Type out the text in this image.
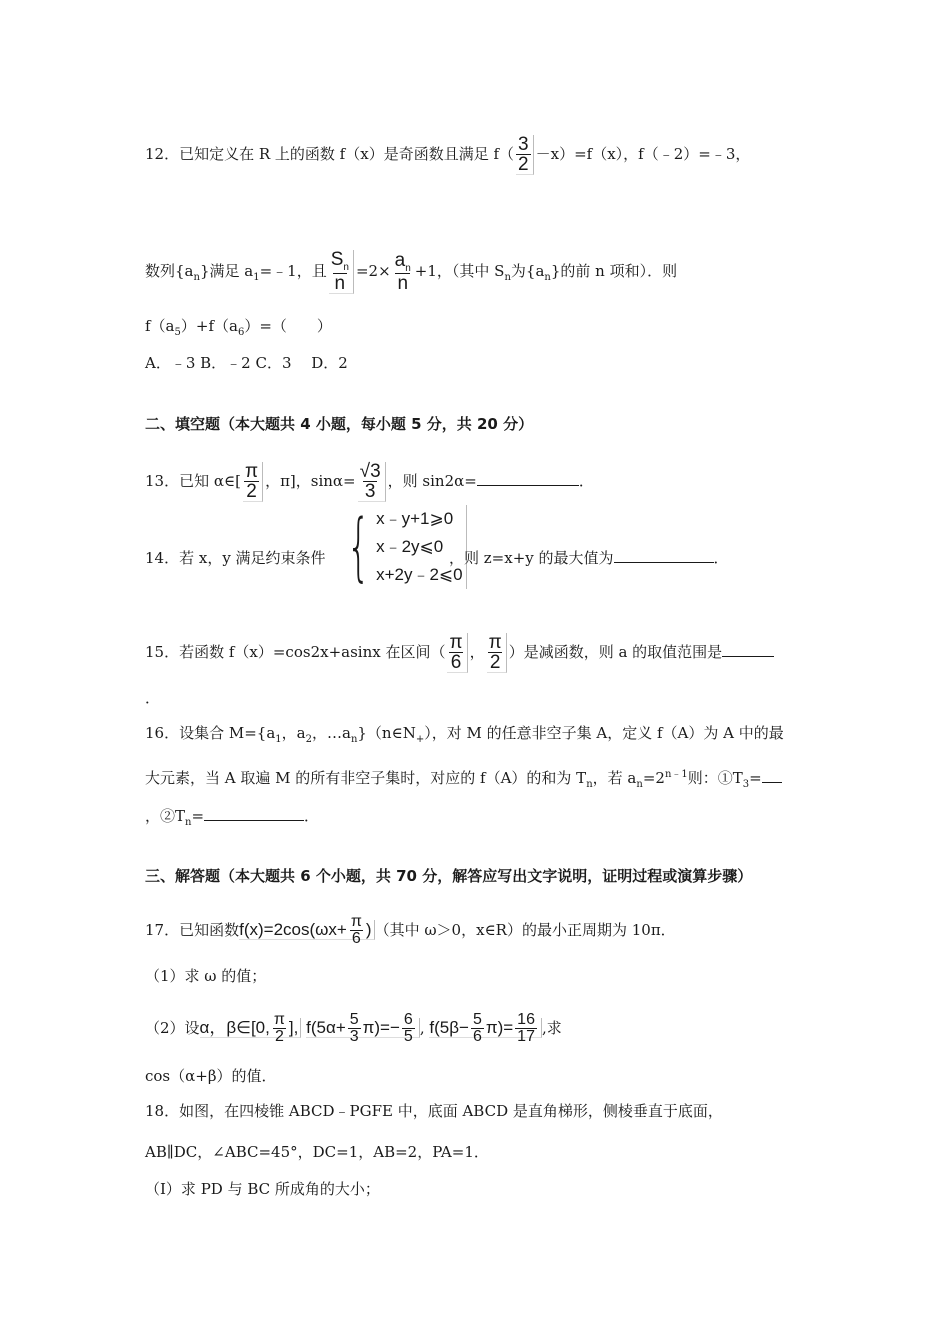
12．已知定义在 R 上的函数 f（x）是奇函数且满足 $f( \frac{3}{2} -x)=f(x)$，f（﹣2）=﹣3，
数列$\{a_n\}$满足 $a_1=﹣1$，且 $\frac{S_n}{n} =2\times \frac{a_n}{n} +1$，（其中 $S_n$为$\{a_n\}$的前 n 项和）．则
$f(a_5)+f(a_6)=$（　　）
A．﹣3 B．﹣2 C．3　 D．2
二、填空题（本大题共 4 小题，每小题 5 分，共 20 分）
13．已知 α∈[ $\frac{\pi}{2}$ ，π]，$\sin\alpha= \frac{√3}{3}$ ，则 sin2α=	．
14．若 x，y 满足约束条件 { x﹣y+1⩾0
x﹣2y⩽0
x+2y﹣2⩽0
，则 z=x+y 的最大值为	．
15．若函数 f（x）=cos2x+asinx 在区间（ $\frac{\pi}{6}$ ， $\frac{\pi}{2}$ ）是减函数，则 a 的取值范围是
．
16．设集合 $M=\{a_1$，$a_2$，$\dots a_n\}(n\in N_+)$，对 M 的任意非空子集 A，定义 f（A）为 A 中的最
大元素，当 A 取遍 M 的所有非空子集时，对应的 f（A）的和为 $T_n$，若 $a_n=2^{n﹣1}$则：$①T_3=$
，$②T_n=$	．
三、解答题（本大题共 6 个小题，共 70 分，解答应写出文字说明，证明过程或演算步骤）
17．已知函数$f(x)=2\cos(\omega x+ \frac{\pi}{6}$ ) （其中 ω＞0，x∈R）的最小正周期为 10π．
（1）求 ω 的值；
（2）设α，β∈[0, $\frac{\pi}{2}$ ], $f(5\alpha+ \frac{5}{3} \pi)=- \frac{6}{5}$ , $f(5\beta- \frac{5}{6} \pi)= \frac{16}{17}$ ,求
cos（α+β）的值．
18．如图，在四棱锥 ABCD﹣PGFE 中，底面 ABCD 是直角梯形，侧棱垂直于底面，
AB∥DC，∠ABC=45°，DC=1，AB=2，PA=1．
（Ⅰ）求 PD 与 BC 所成角的大小；
